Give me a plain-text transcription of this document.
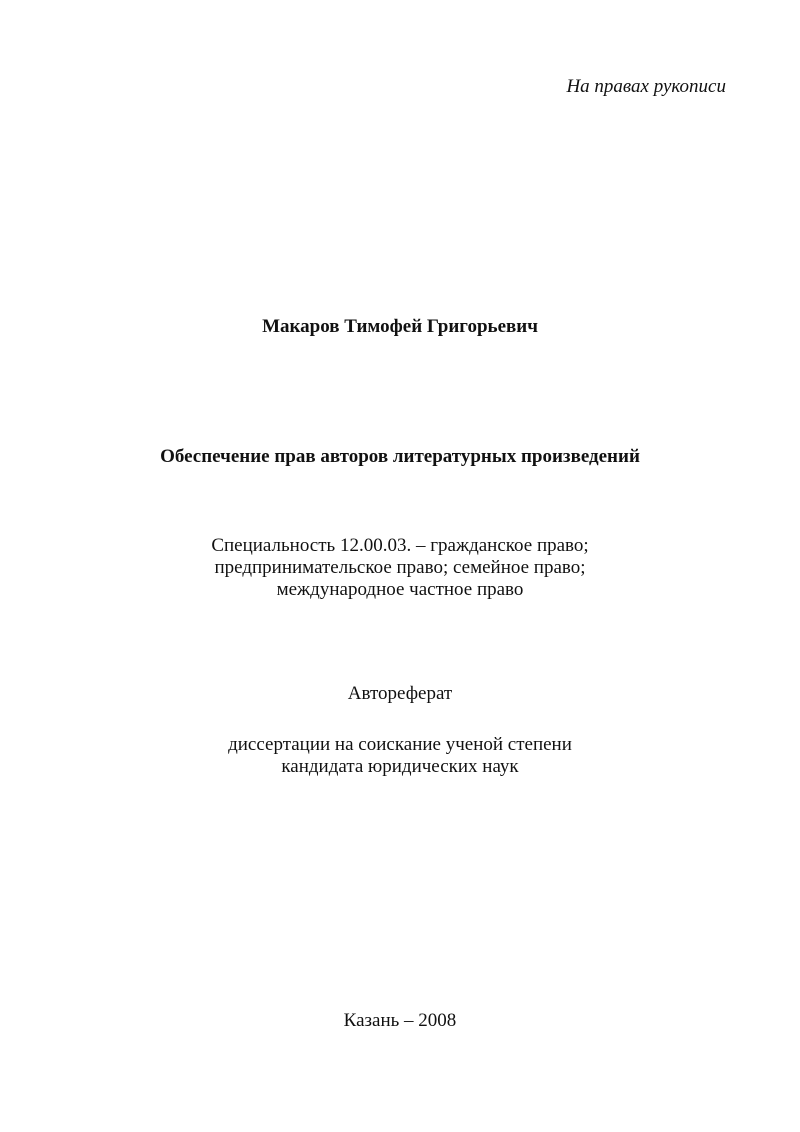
На правах рукописи
Макаров Тимофей Григорьевич
Обеспечение прав авторов литературных произведений
Специальность 12.00.03. – гражданское право;
предпринимательское право; семейное право;
международное частное право
Автореферат
диссертации на соискание ученой степени
кандидата юридических наук
Казань – 2008
